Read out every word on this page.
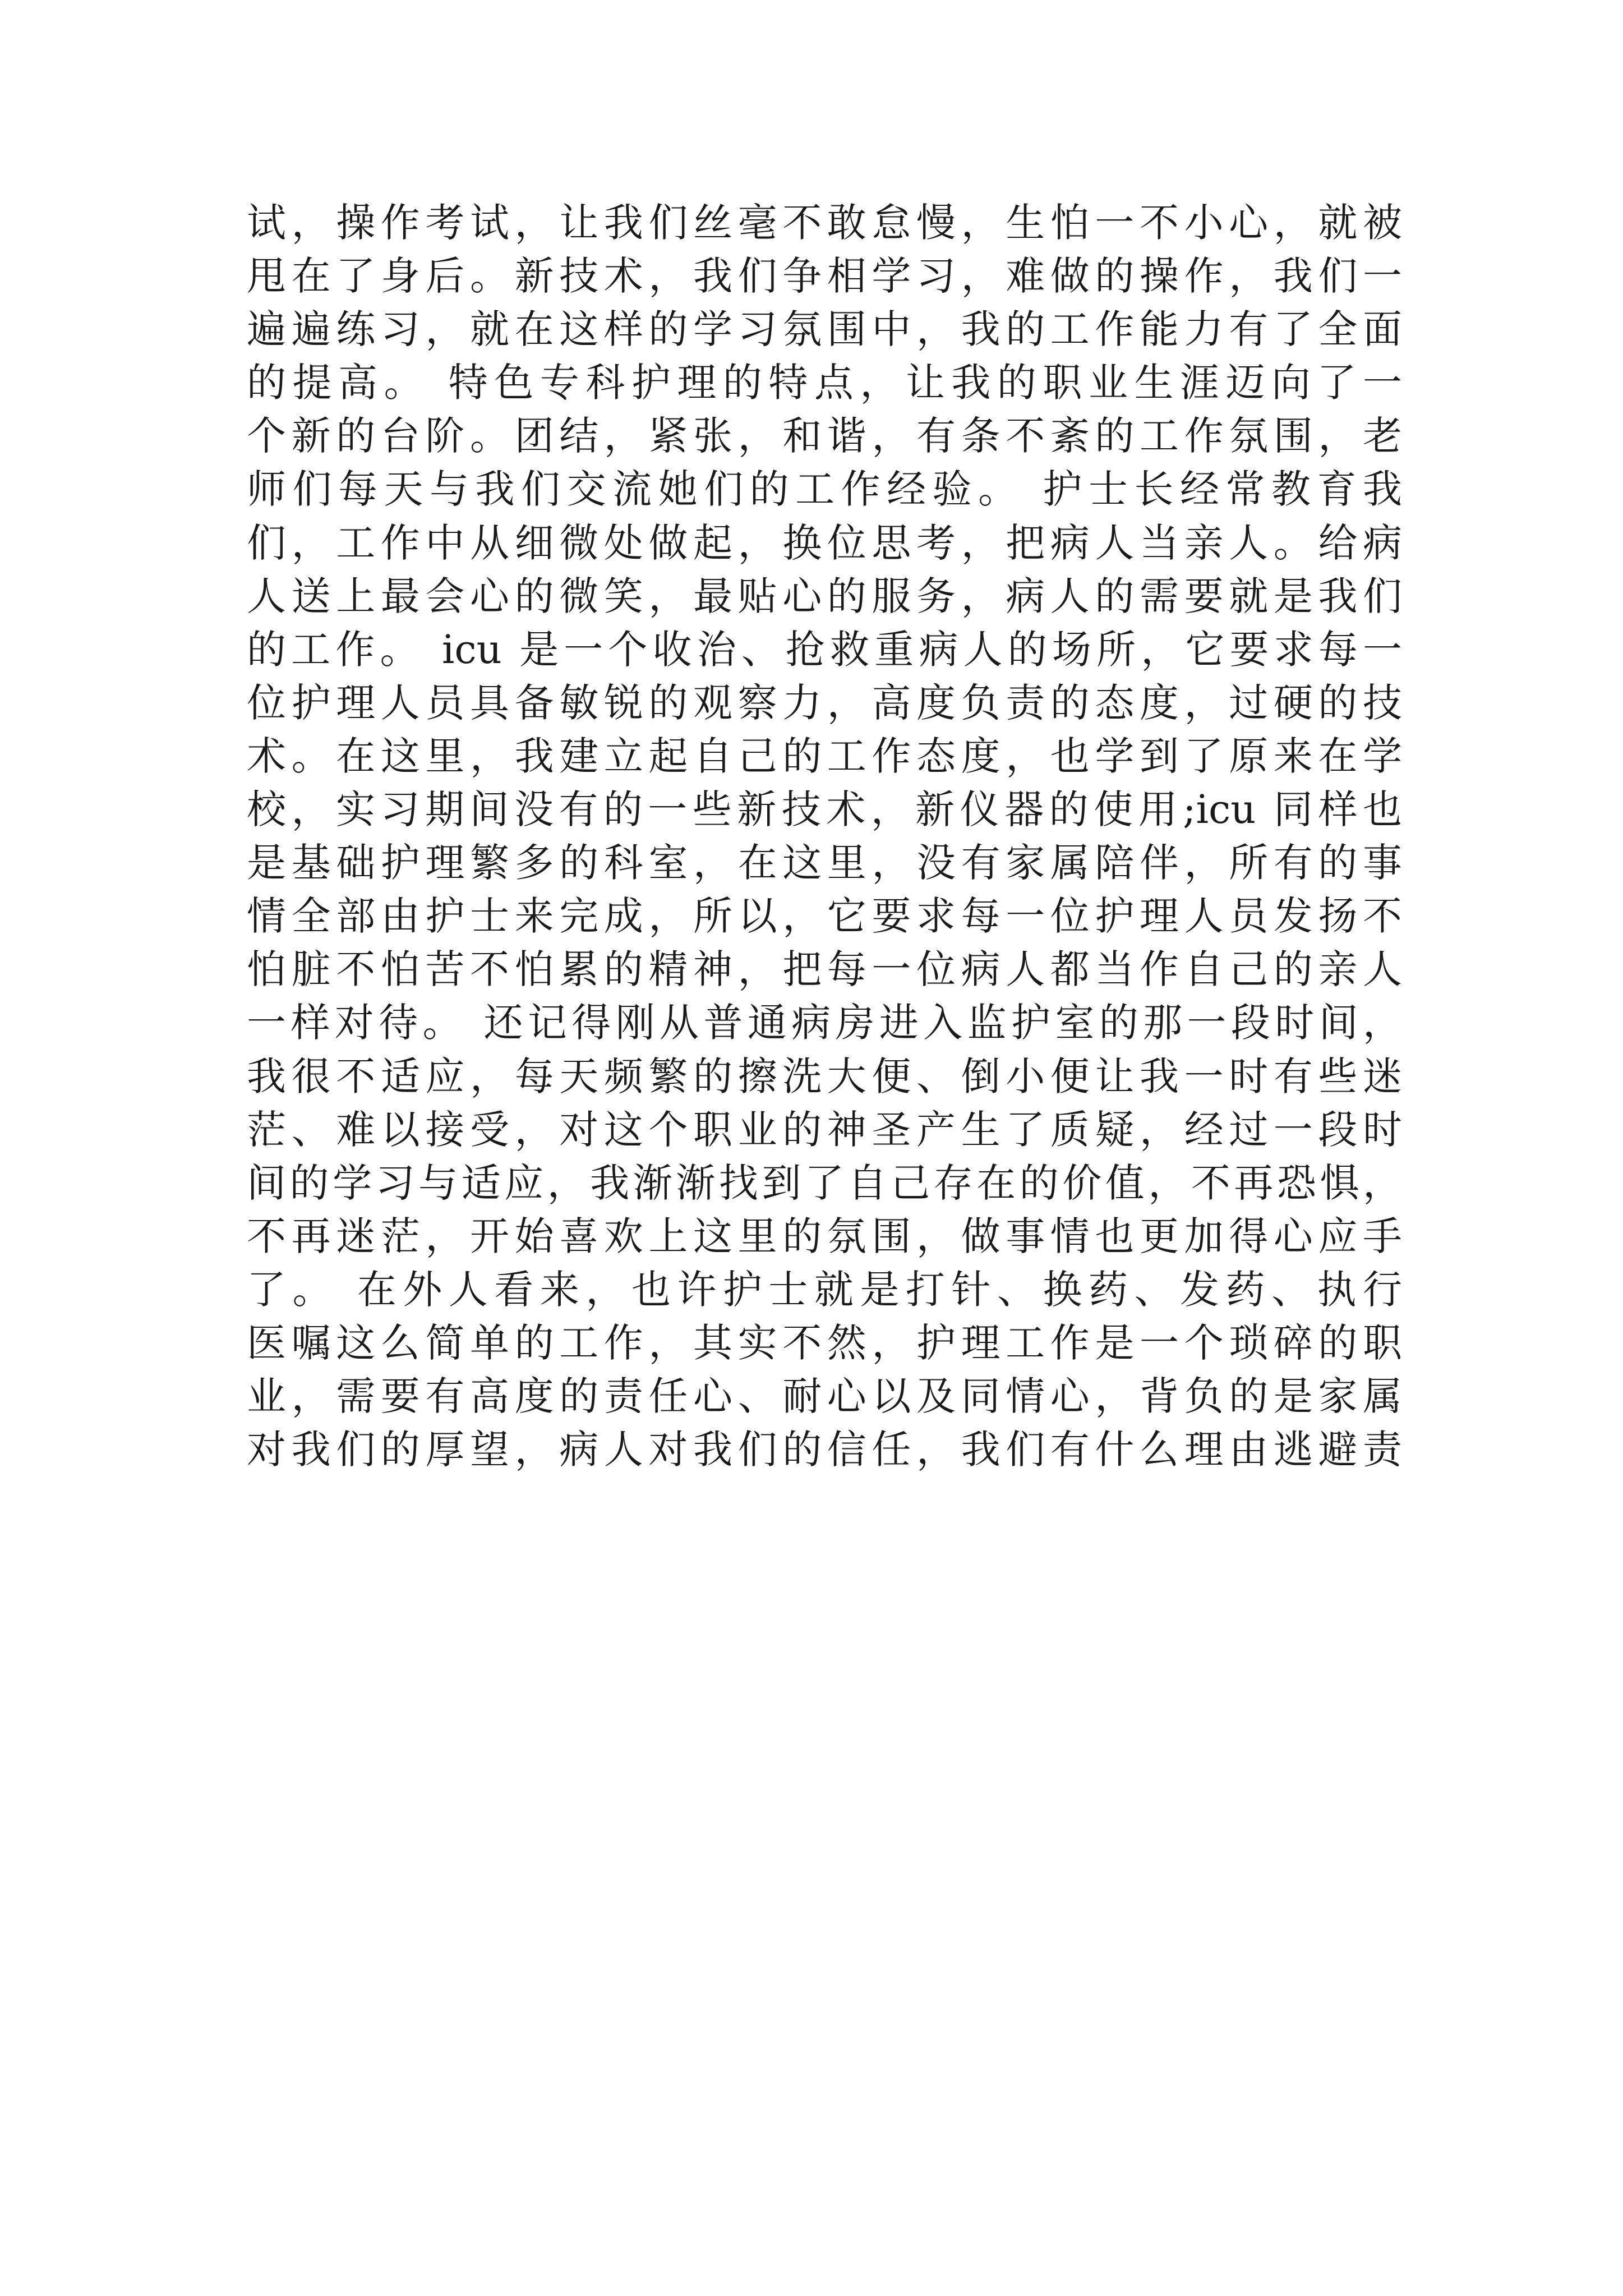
试，操作考试，让我们丝毫不敢怠慢，生怕一不小心，就被
甩在了身后。新技术，我们争相学习，难做的操作，我们一
遍遍练习，就在这样的学习氛围中，我的工作能力有了全面
的提高。 特色专科护理的特点，让我的职业生涯迈向了一
个新的台阶。团结，紧张，和谐，有条不紊的工作氛围，老
师们每天与我们交流她们的工作经验。 护士长经常教育我
们，工作中从细微处做起，换位思考，把病人当亲人。给病
人送上最会心的微笑，最贴心的服务，病人的需要就是我们
的工作。 icu 是一个收治、抢救重病人的场所，它要求每一
位护理人员具备敏锐的观察力，高度负责的态度，过硬的技
术。在这里，我建立起自己的工作态度，也学到了原来在学
校，实习期间没有的一些新技术，新仪器的使用;icu 同样也
是基础护理繁多的科室，在这里，没有家属陪伴，所有的事
情全部由护士来完成，所以，它要求每一位护理人员发扬不
怕脏不怕苦不怕累的精神，把每一位病人都当作自己的亲人
一样对待。 还记得刚从普通病房进入监护室的那一段时间，
我很不适应，每天频繁的擦洗大便、倒小便让我一时有些迷
茫、难以接受，对这个职业的神圣产生了质疑，经过一段时
间的学习与适应，我渐渐找到了自己存在的价值，不再恐惧，
不再迷茫，开始喜欢上这里的氛围，做事情也更加得心应手
了。 在外人看来，也许护士就是打针、换药、发药、执行
医嘱这么简单的工作，其实不然，护理工作是一个琐碎的职
业，需要有高度的责任心、耐心以及同情心，背负的是家属
对我们的厚望，病人对我们的信任，我们有什么理由逃避责
